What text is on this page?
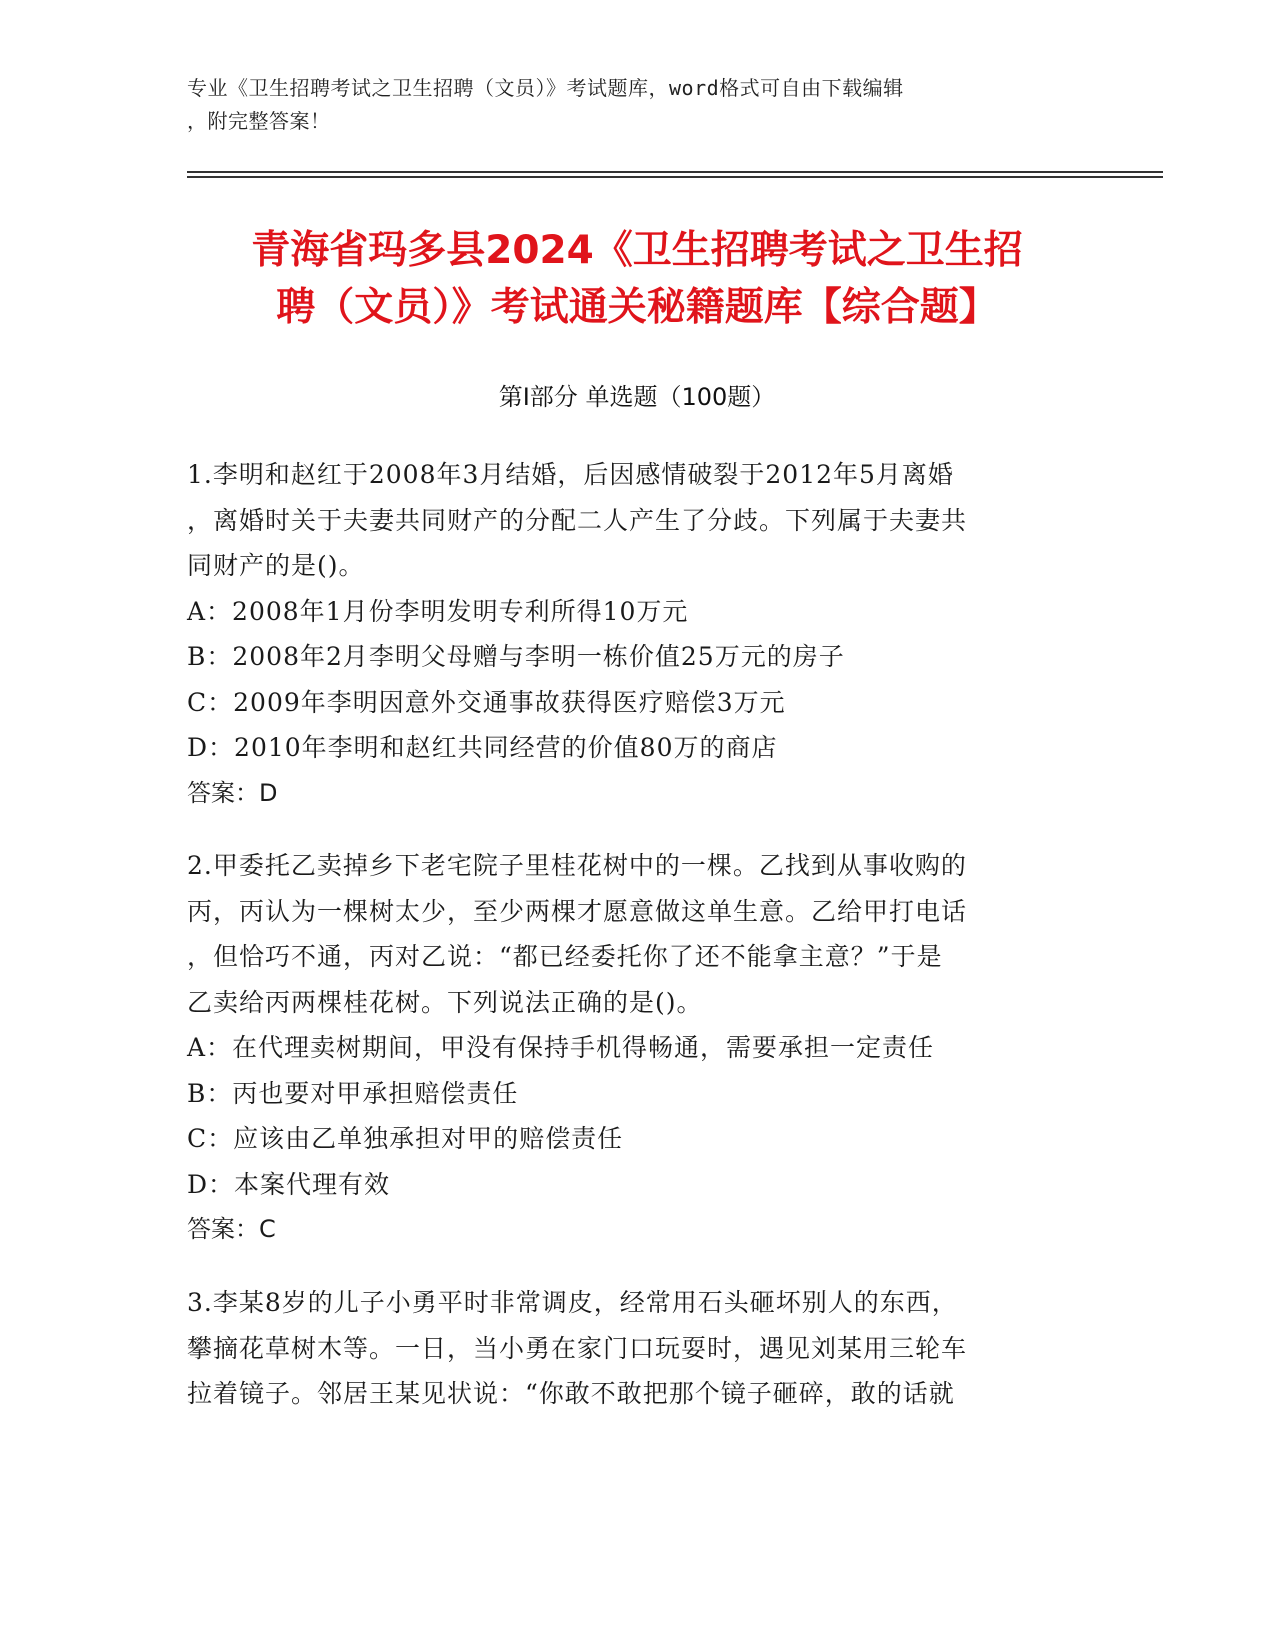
专业《卫生招聘考试之卫生招聘（文员）》考试题库，word格式可自由下载编辑
，附完整答案！
青海省玛多县2024《卫生招聘考试之卫生招
聘（文员）》考试通关秘籍题库【综合题】
第Ⅰ部分 单选题（100题）
1.李明和赵红于2008年3月结婚，后因感情破裂于2012年5月离婚
，离婚时关于夫妻共同财产的分配二人产生了分歧。下列属于夫妻共
同财产的是()。
A：2008年1月份李明发明专利所得10万元
B：2008年2月李明父母赠与李明一栋价值25万元的房子
C：2009年李明因意外交通事故获得医疗赔偿3万元
D：2010年李明和赵红共同经营的价值80万的商店
答案：D
2.甲委托乙卖掉乡下老宅院子里桂花树中的一棵。乙找到从事收购的
丙，丙认为一棵树太少，至少两棵才愿意做这单生意。乙给甲打电话
，但恰巧不通，丙对乙说：“都已经委托你了还不能拿主意？”于是
乙卖给丙两棵桂花树。下列说法正确的是()。
A：在代理卖树期间，甲没有保持手机得畅通，需要承担一定责任
B：丙也要对甲承担赔偿责任
C：应该由乙单独承担对甲的赔偿责任
D：本案代理有效
答案：C
3.李某8岁的儿子小勇平时非常调皮，经常用石头砸坏别人的东西，
攀摘花草树木等。一日，当小勇在家门口玩耍时，遇见刘某用三轮车
拉着镜子。邻居王某见状说：“你敢不敢把那个镜子砸碎，敢的话就
